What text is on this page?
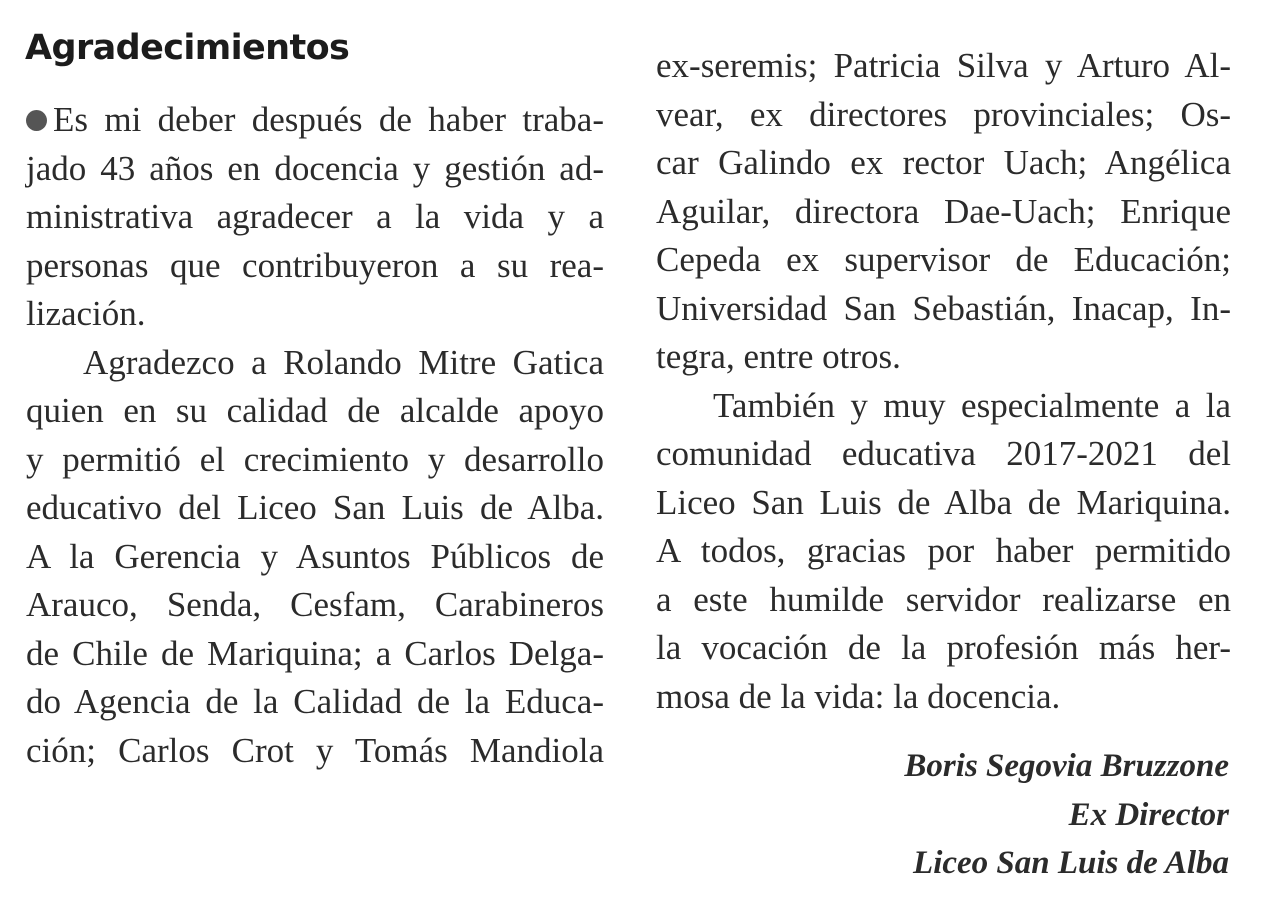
Agradecimientos
Es mi deber después de haber traba-
jado 43 años en docencia y gestión ad-
ministrativa agradecer a la vida y a
personas que contribuyeron a su rea-
lización.
Agradezco a Rolando Mitre Gatica
quien en su calidad de alcalde apoyo
y permitió el crecimiento y desarrollo
educativo del Liceo San Luis de Alba.
A la Gerencia y Asuntos Públicos de
Arauco, Senda, Cesfam, Carabineros
de Chile de Mariquina; a Carlos Delga-
do Agencia de la Calidad de la Educa-
ción; Carlos Crot y Tomás Mandiola
ex-seremis; Patricia Silva y Arturo Al-
vear, ex directores provinciales; Os-
car Galindo ex rector Uach; Angélica
Aguilar, directora Dae-Uach; Enrique
Cepeda ex supervisor de Educación;
Universidad San Sebastián, Inacap, In-
tegra, entre otros.
También y muy especialmente a la
comunidad educativa 2017-2021 del
Liceo San Luis de Alba de Mariquina.
A todos, gracias por haber permitido
a este humilde servidor realizarse en
la vocación de la profesión más her-
mosa de la vida: la docencia.
Boris Segovia Bruzzone
Ex Director
Liceo San Luis de Alba
